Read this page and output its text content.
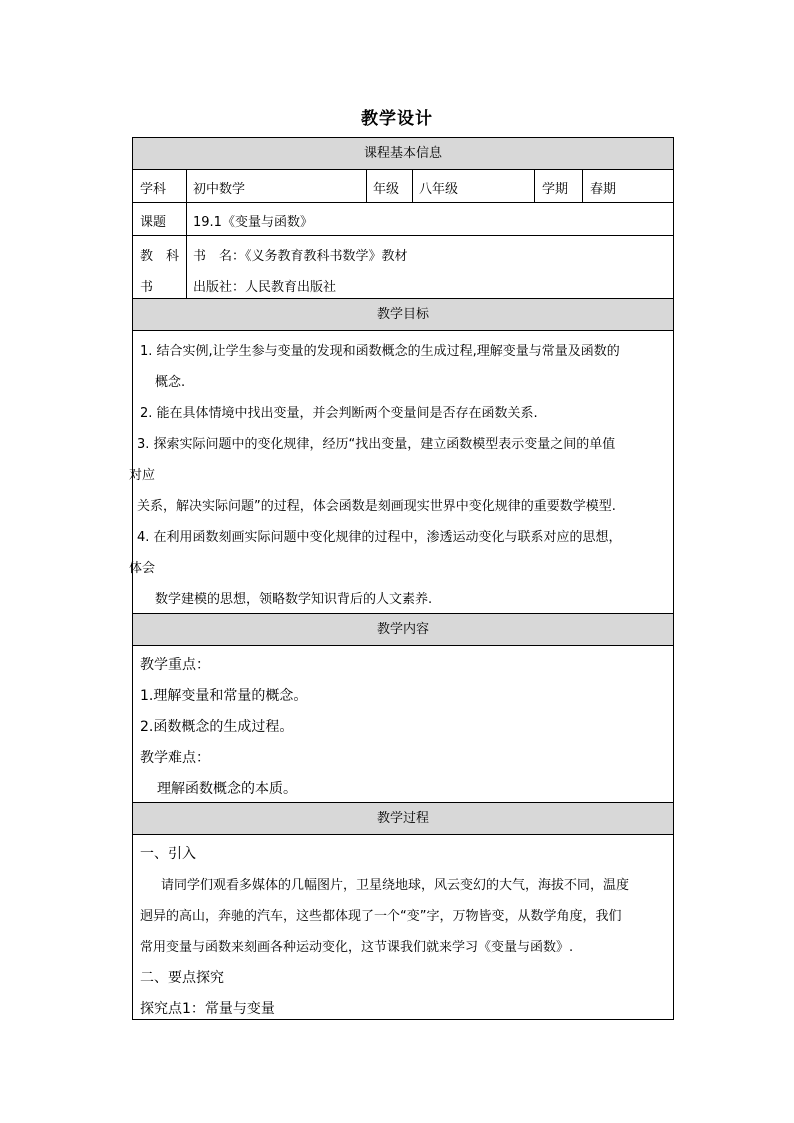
教学设计
课程基本信息
学科 初中数学	年级 八年级	学期 春期
课题 19.1《变量与函数》
教　科
书
书　名：《义务教育教科书数学》教材
出版社：人民教育出版社
教学目标
1. 结合实例,让学生参与变量的发现和函数概念的生成过程,理解变量与常量及函数的
概念.
2. 能在具体情境中找出变量，并会判断两个变量间是否存在函数关系.
3. 探索实际问题中的变化规律，经历“找出变量，建立函数模型表示变量之间的单值
对应
关系，解决实际问题”的过程，体会函数是刻画现实世界中变化规律的重要数学模型.
4. 在利用函数刻画实际问题中变化规律的过程中，渗透运动变化与联系对应的思想，
体会
数学建模的思想，领略数学知识背后的人文素养.
教学内容
教学重点：
1.理解变量和常量的概念。
2.函数概念的生成过程。
教学难点：
理解函数概念的本质。
教学过程
一、引入
请同学们观看多媒体的几幅图片，卫星绕地球，风云变幻的大气，海拔不同，温度
迥异的高山，奔驰的汽车，这些都体现了一个“变”字，万物皆变，从数学角度，我们
常用变量与函数来刻画各种运动变化，这节课我们就来学习《变量与函数》.
二、要点探究
探究点1：常量与变量
